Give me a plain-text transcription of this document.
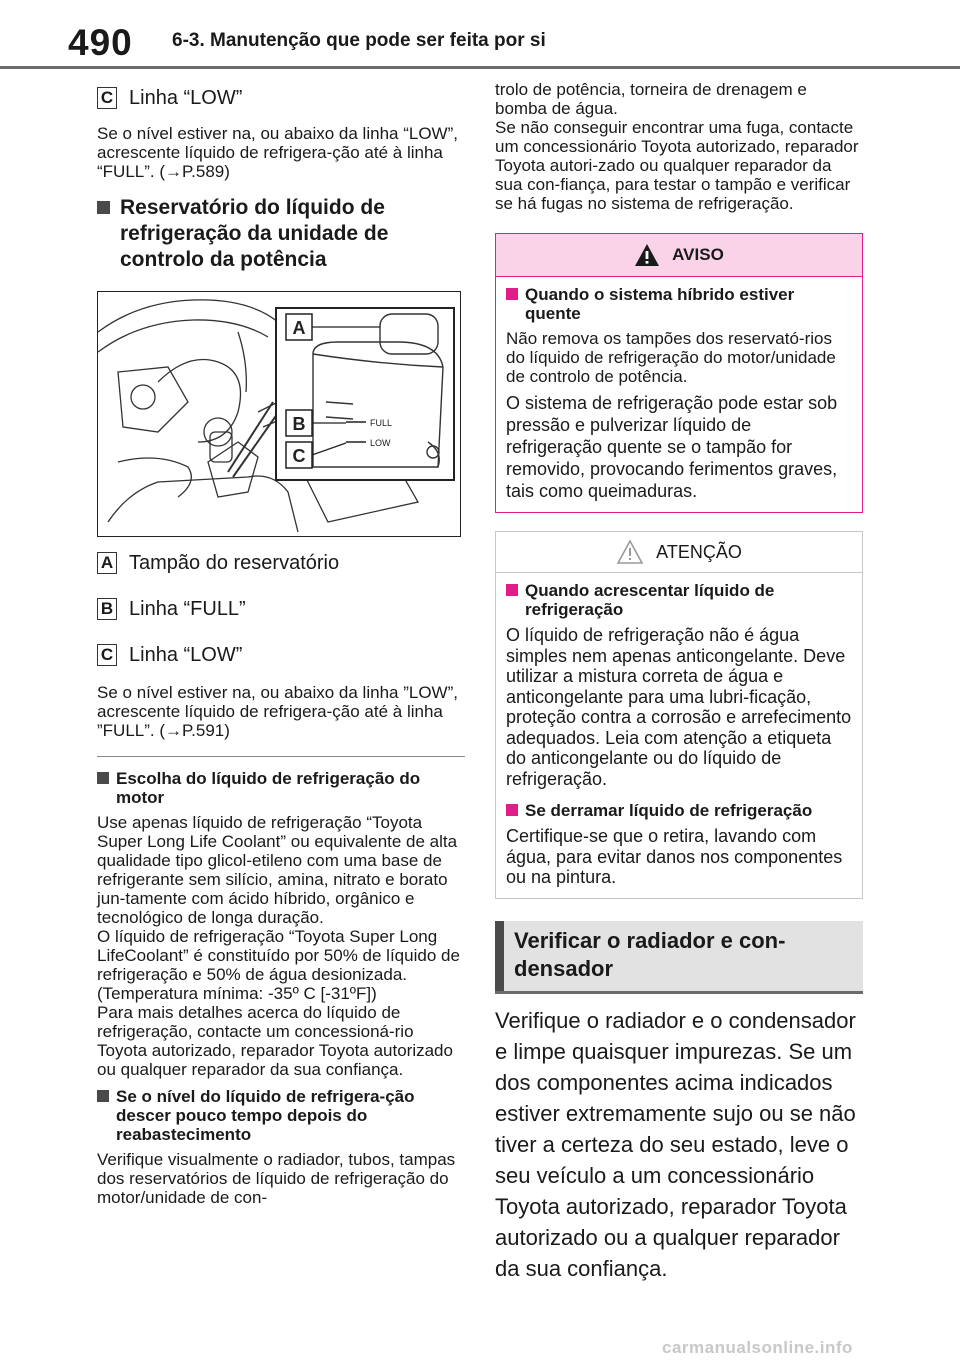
490 6-3. Manutenção que pode ser feita por si
C Linha “LOW”

Se o nível estiver na, ou abaixo da linha “LOW”, acrescente líquido de refrigera-ção até à linha “FULL”. (→P.589)

Reservatório do líquido de refrigeração da unidade de controlo da potência
FULL
LOW
A
B
C
A Tampão do reservatório
B Linha “FULL”
C Linha “LOW”

Se o nível estiver na, ou abaixo da linha ”LOW”, acrescente líquido de refrigera-ção até à linha ”FULL”. (→P.591)

Escolha do líquido de refrigeração do motor

Use apenas líquido de refrigeração “Toyota Super Long Life Coolant” ou equivalente de alta qualidade tipo glicol-etileno com uma base de refrigerante sem silício, amina, nitrato e borato jun-tamente com ácido híbrido, orgânico e tecnológico de longa duração.
O líquido de refrigeração “Toyota Super Long LifeCoolant” é constituído por 50% de líquido de refrigeração e 50% de água desionizada. (Temperatura mínima: -35º C [-31ºF])
Para mais detalhes acerca do líquido de refrigeração, contacte um concessioná-rio Toyota autorizado, reparador Toyota autorizado ou qualquer reparador da sua confiança.

Se o nível do líquido de refrigera-ção descer pouco tempo depois do reabastecimento

Verifique visualmente o radiador, tubos, tampas dos reservatórios de líquido de refrigeração do motor/unidade de con-

trolo de potência, torneira de drenagem e bomba de água.
Se não conseguir encontrar uma fuga, contacte um concessionário Toyota autorizado, reparador Toyota autori-zado ou qualquer reparador da sua con-fiança, para testar o tampão e verificar se há fugas no sistema de refrigeração.

AVISO
Quando o sistema híbrido estiver quente

Não remova os tampões dos reservató-rios do líquido de refrigeração do motor/unidade de controlo de potência.

O sistema de refrigeração pode estar sob pressão e pulverizar líquido de refrigeração quente se o tampão for removido, provocando ferimentos graves, tais como queimaduras.

ATENÇÃO
Quando acrescentar líquido de refrigeração

O líquido de refrigeração não é água simples nem apenas anticongelante. Deve utilizar a mistura correta de água e anticongelante para uma lubri-ficação, proteção contra a corrosão e arrefecimento adequados. Leia com atenção a etiqueta do anticongelante ou do líquido de refrigeração.

Se derramar líquido de refrigeração

Certifique-se que o retira, lavando com água, para evitar danos nos componentes ou na pintura.

Verificar o radiador e con-densador

Verifique o radiador e o condensador e limpe quaisquer impurezas. Se um dos componentes acima indicados estiver extremamente sujo ou se não tiver a certeza do seu estado, leve o seu veículo a um concessionário Toyota autorizado, reparador Toyota autorizado ou a qualquer reparador da sua confiança.

carmanualsonline.info
